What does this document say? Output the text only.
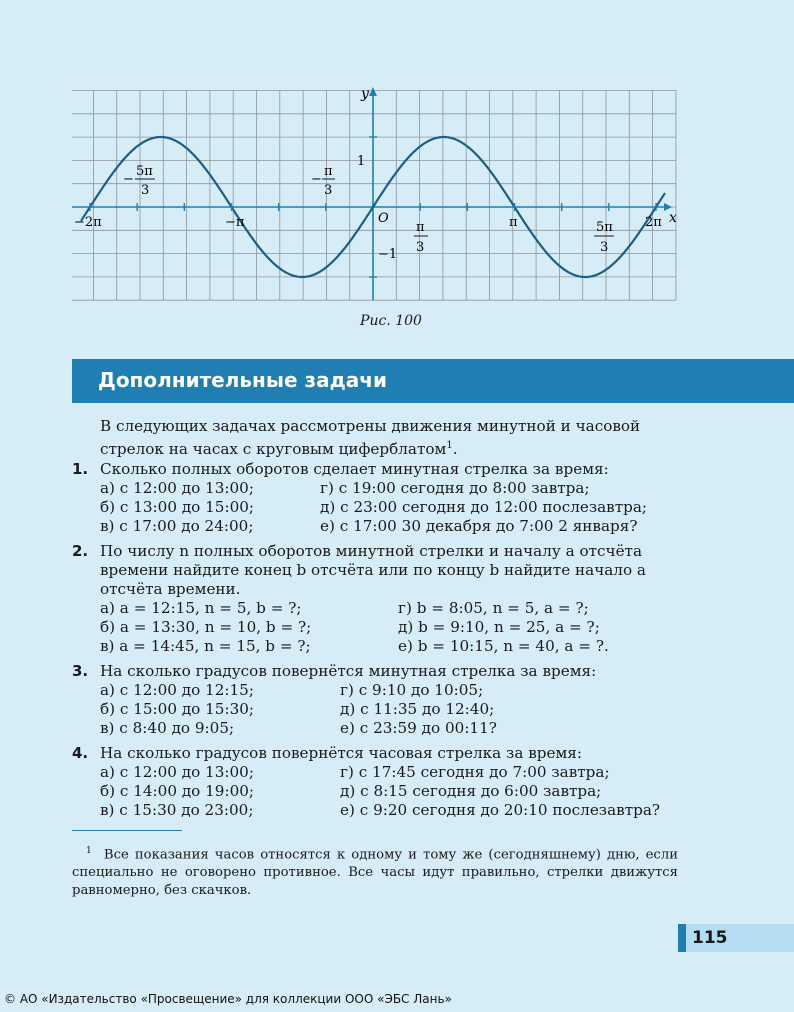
y
x
O
1
−1
−2π	−π	π	2π
−
5π
3
−
π
3
π
3
5π
3
Рис. 100
Дополнительные задачи
В следующих задачах рассмотрены движения минутной и часовой
стрелок на часах с круговым циферблатом$^1$.
1. Сколько полных оборотов сделает минутная стрелка за время:
а) с 12:00 до 13:00;
б) с 13:00 до 15:00;
в) с 17:00 до 24:00;
г) с 19:00 сегодня до 8:00 завтра;
д) с 23:00 сегодня до 12:00 послезавтра;
е) с 17:00 30 декабря до 7:00 2 января?
2. По числу n полных оборотов минутной стрелки и началу a отсчёта
времени найдите конец b отсчёта или по концу b найдите начало a
отсчёта времени.
а) a = 12:15, n = 5, b = ?;
б) a = 13:30, n = 10, b = ?;
в) a = 14:45, n = 15, b = ?;
г) b = 8:05, n = 5, a = ?;
д) b = 9:10, n = 25, a = ?;
е) b = 10:15, n = 40, a = ?.
3. На сколько градусов повернётся минутная стрелка за время:
а) с 12:00 до 12:15;
б) с 15:00 до 15:30;
в) с 8:40 до 9:05;
г) с 9:10 до 10:05;
д) с 11:35 до 12:40;
е) с 23:59 до 00:11?
4. На сколько градусов повернётся часовая стрелка за время:
а) с 12:00 до 13:00;
б) с 14:00 до 19:00;
в) с 15:30 до 23:00;
г) с 17:45 сегодня до 7:00 завтра;
д) с 8:15 сегодня до 6:00 завтра;
е) с 9:20 сегодня до 20:10 послезавтра?
$^1$ Все показания часов относятся к одному и тому же (сегодняшнему) дню, если специально не оговорено противное. Все часы идут правильно, стрелки движутся равномерно, без скачков.
115
© АО «Издательство «Просвещение» для коллекции ООО «ЭБС Лань»
